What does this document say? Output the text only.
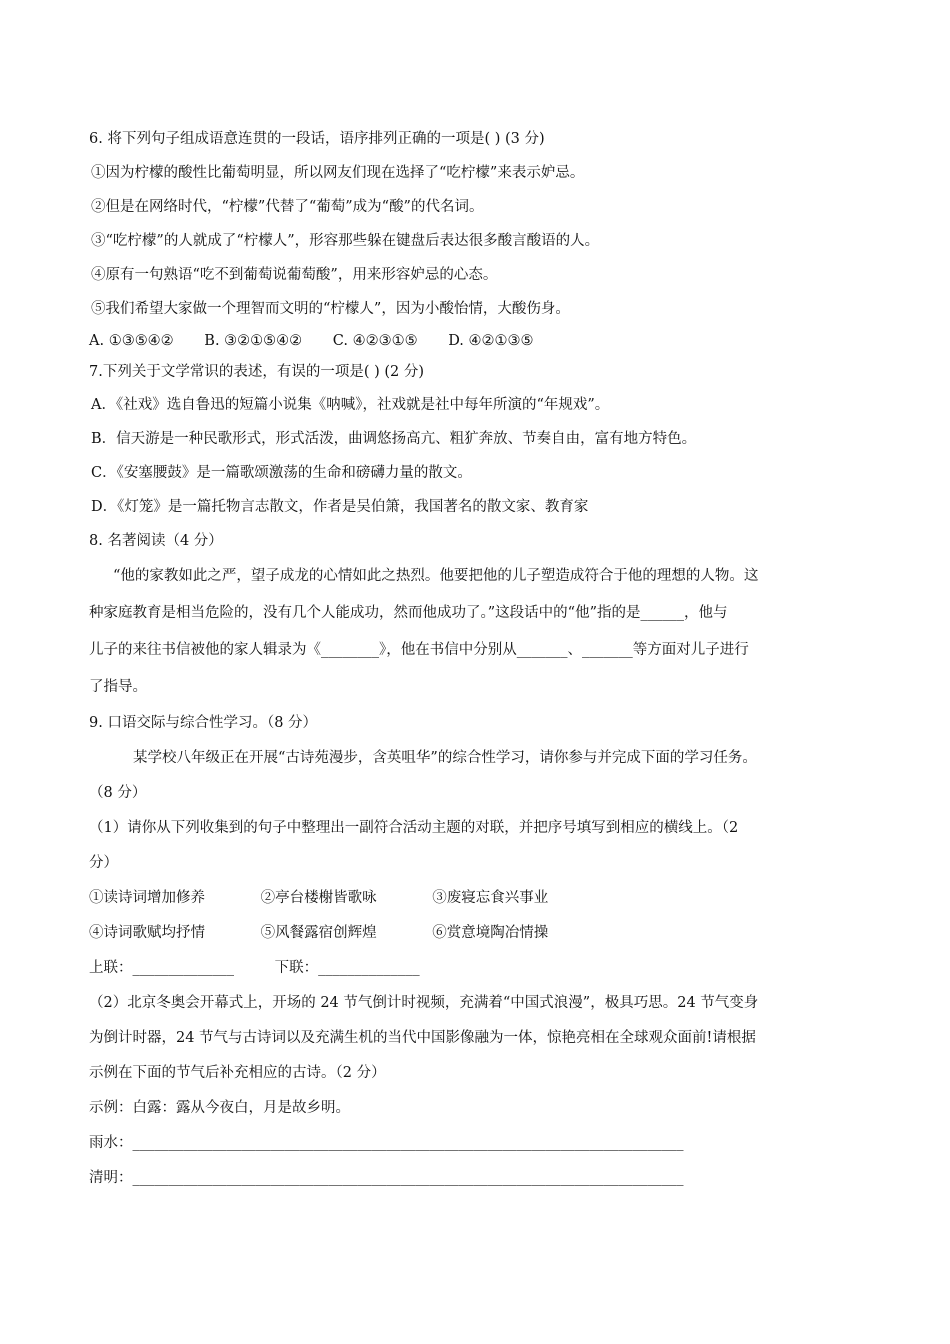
6. 将下列句子组成语意连贯的一段话，语序排列正确的一项是( ) (3 分)
①因为柠檬的酸性比葡萄明显，所以网友们现在选择了“吃柠檬”来表示妒忌。
②但是在网络时代，“柠檬”代替了“葡萄”成为“酸”的代名词。
③“吃柠檬”的人就成了“柠檬人”，形容那些躲在键盘后表达很多酸言酸语的人。
④原有一句熟语“吃不到葡萄说葡萄酸”，用来形容妒忌的心态。
⑤我们希望大家做一个理智而文明的“柠檬人”，因为小酸怡情，大酸伤身。
A. ①③⑤④② B. ③②①⑤④② C. ④②③①⑤ D. ④②①③⑤
7.下列关于文学常识的表述，有误的一项是( ) (2 分)
A．《社戏》选自鲁迅的短篇小说集《呐喊》，社戏就是社中每年所演的“年规戏”。
B．信天游是一种民歌形式，形式活泼，曲调悠扬高亢、粗犷奔放、节奏自由，富有地方特色。
C．《安塞腰鼓》是一篇歌颂激荡的生命和磅礴力量的散文。
D．《灯笼》是一篇托物言志散文，作者是吴伯箫，我国著名的散文家、教育家
8. 名著阅读（4 分）
“他的家教如此之严，望子成龙的心情如此之热烈。他要把他的儿子塑造成符合于他的理想的人物。这
种家庭教育是相当危险的，没有几个人能成功，然而他成功了。”这段话中的“他”指的是______，他与
儿子的来往书信被他的家人辑录为《________》，他在书信中分别从_______、_______等方面对儿子进行
了指导。
9. 口语交际与综合性学习。（8 分）
某学校八年级正在开展“古诗苑漫步，含英咀华”的综合性学习，请你参与并完成下面的学习任务。
（8 分）
（1）请你从下列收集到的句子中整理出一副符合活动主题的对联，并把序号填写到相应的横线上。（2
分）
①读诗词增加修养	②亭台楼榭皆歌咏	③废寝忘食兴事业
④诗词歌赋均抒情	⑤风餐露宿创辉煌	⑥赏意境陶冶情操
上联：______________	下联：______________
（2）北京冬奥会开幕式上，开场的 24 节气倒计时视频，充满着“中国式浪漫”，极具巧思。24 节气变身
为倒计时器，24 节气与古诗词以及充满生机的当代中国影像融为一体，惊艳亮相在全球观众面前!请根据
示例在下面的节气后补充相应的古诗。（2 分）
示例：白露：露从今夜白，月是故乡明。
雨水：____________________________________________________________________________
清明：____________________________________________________________________________
